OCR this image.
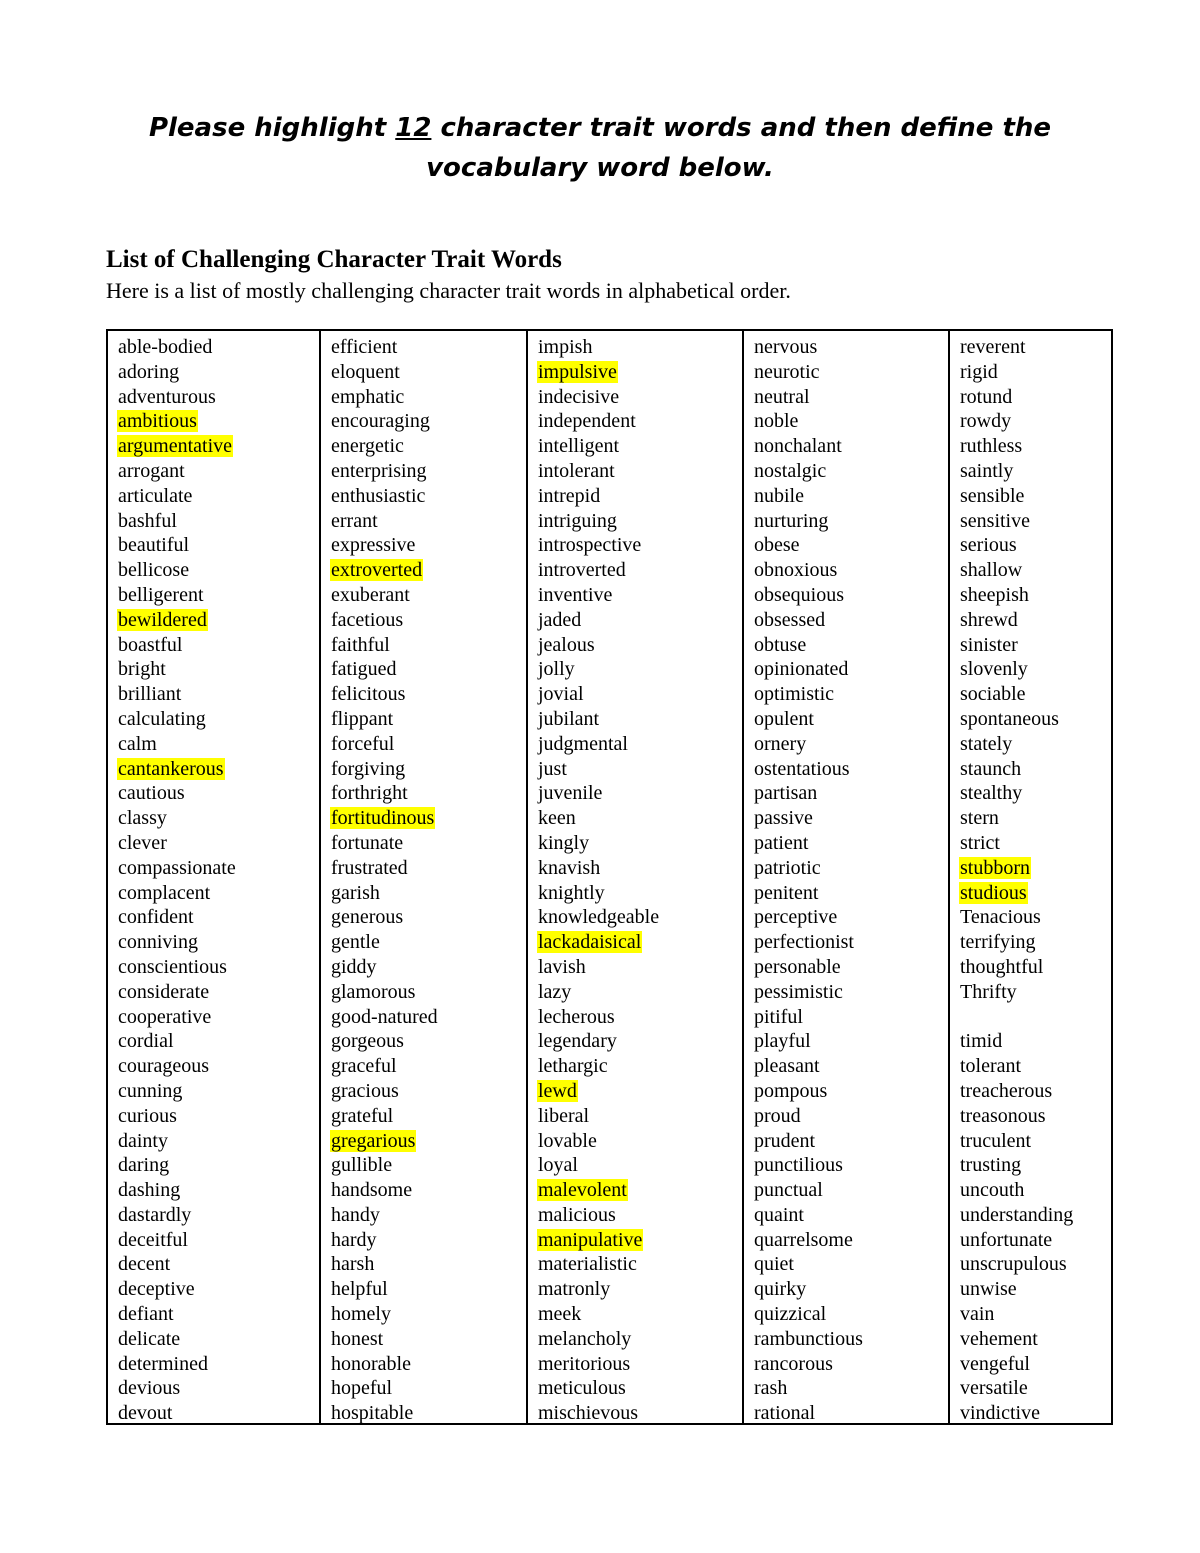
Please highlight 12 character trait words and then define the vocabulary word below.
List of Challenging Character Trait Words
Here is a list of mostly challenging character trait words in alphabetical order.
able-bodied
adoring
adventurous
ambitious
argumentative
arrogant
articulate
bashful
beautiful
bellicose
belligerent
bewildered
boastful
bright
brilliant
calculating
calm
cantankerous
cautious
classy
clever
compassionate
complacent
confident
conniving
conscientious
considerate
cooperative
cordial
courageous
cunning
curious
dainty
daring
dashing
dastardly
deceitful
decent
deceptive
defiant
delicate
determined
devious
devout
efficient
eloquent
emphatic
encouraging
energetic
enterprising
enthusiastic
errant
expressive
extroverted
exuberant
facetious
faithful
fatigued
felicitous
flippant
forceful
forgiving
forthright
fortitudinous
fortunate
frustrated
garish
generous
gentle
giddy
glamorous
good-natured
gorgeous
graceful
gracious
grateful
gregarious
gullible
handsome
handy
hardy
harsh
helpful
homely
honest
honorable
hopeful
hospitable
impish
impulsive
indecisive
independent
intelligent
intolerant
intrepid
intriguing
introspective
introverted
inventive
jaded
jealous
jolly
jovial
jubilant
judgmental
just
juvenile
keen
kingly
knavish
knightly
knowledgeable
lackadaisical
lavish
lazy
lecherous
legendary
lethargic
lewd
liberal
lovable
loyal
malevolent
malicious
manipulative
materialistic
matronly
meek
melancholy
meritorious
meticulous
mischievous
nervous
neurotic
neutral
noble
nonchalant
nostalgic
nubile
nurturing
obese
obnoxious
obsequious
obsessed
obtuse
opinionated
optimistic
opulent
ornery
ostentatious
partisan
passive
patient
patriotic
penitent
perceptive
perfectionist
personable
pessimistic
pitiful
playful
pleasant
pompous
proud
prudent
punctilious
punctual
quaint
quarrelsome
quiet
quirky
quizzical
rambunctious
rancorous
rash
rational
reverent
rigid
rotund
rowdy
ruthless
saintly
sensible
sensitive
serious
shallow
sheepish
shrewd
sinister
slovenly
sociable
spontaneous
stately
staunch
stealthy
stern
strict
stubborn
studious
Tenacious
terrifying
thoughtful
Thrifty
timid
tolerant
treacherous
treasonous
truculent
trusting
uncouth
understanding
unfortunate
unscrupulous
unwise
vain
vehement
vengeful
versatile
vindictive
